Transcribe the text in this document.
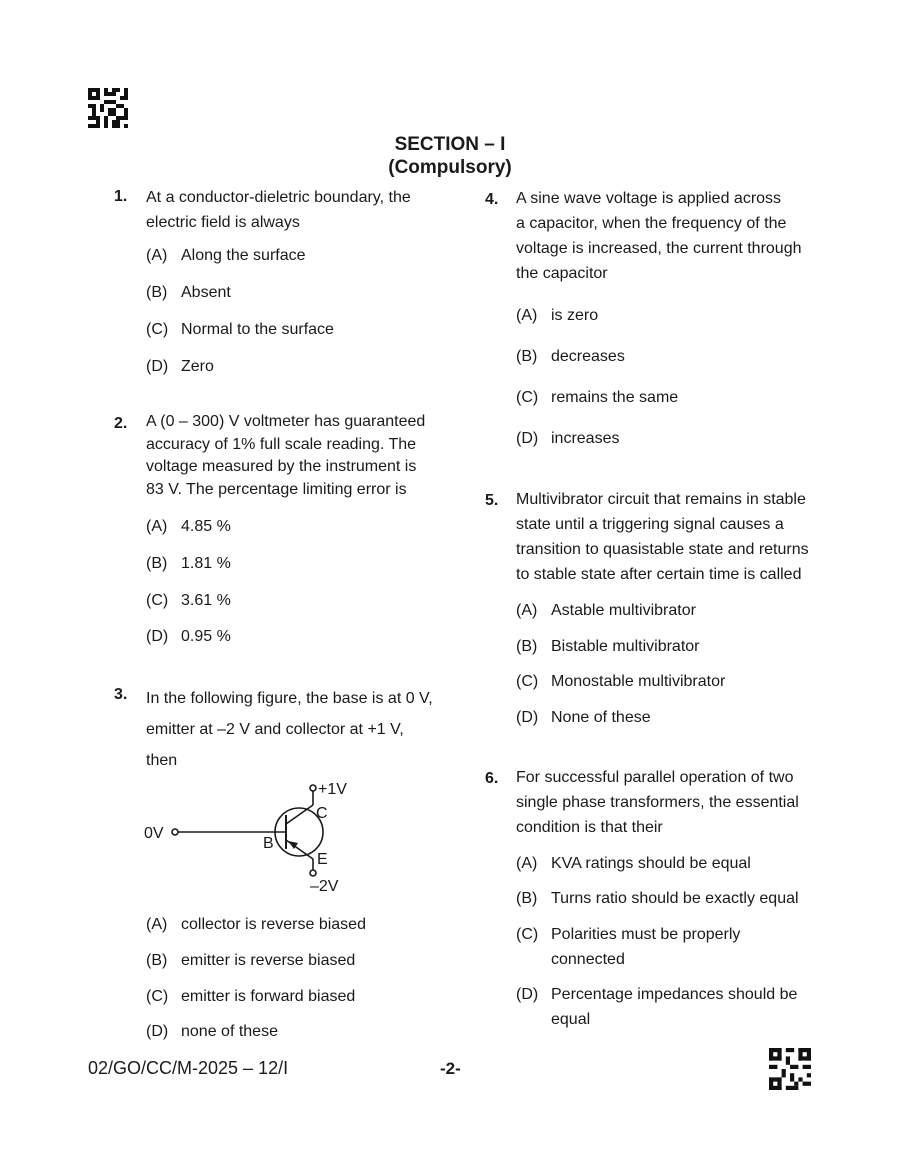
SECTION – I
(Compulsory)
1. At a conductor-dieletric boundary, the
electric field is always
(A) Along the surface
(B) Absent
(C) Normal to the surface
(D) Zero
2. A (0 – 300) V voltmeter has guaranteed
accuracy of 1% full scale reading. The
voltage measured by the instrument is
83 V. The percentage limiting error is
(A) 4.85 %
(B) 1.81 %
(C) 3.61 %
(D) 0.95 %
3. In the following figure, the base is at 0 V,
emitter at –2 V and collector at +1 V,
then
0V
B
C
E
+1V
–2V
(A) collector is reverse biased
(B) emitter is reverse biased
(C) emitter is forward biased
(D) none of these
4. A sine wave voltage is applied across
a capacitor, when the frequency of the
voltage is increased, the current through
the capacitor
(A) is zero
(B) decreases
(C) remains the same
(D) increases
5. Multivibrator circuit that remains in stable
state until a triggering signal causes a
transition to quasistable state and returns
to stable state after certain time is called
(A) Astable multivibrator
(B) Bistable multivibrator
(C) Monostable multivibrator
(D) None of these
6. For successful parallel operation of two
single phase transformers, the essential
condition is that their
(A) KVA ratings should be equal
(B) Turns ratio should be exactly equal
(C) Polarities must be properly
connected
(D) Percentage impedances should be
equal
02/GO/CC/M-2025 – 12/I	-2-
